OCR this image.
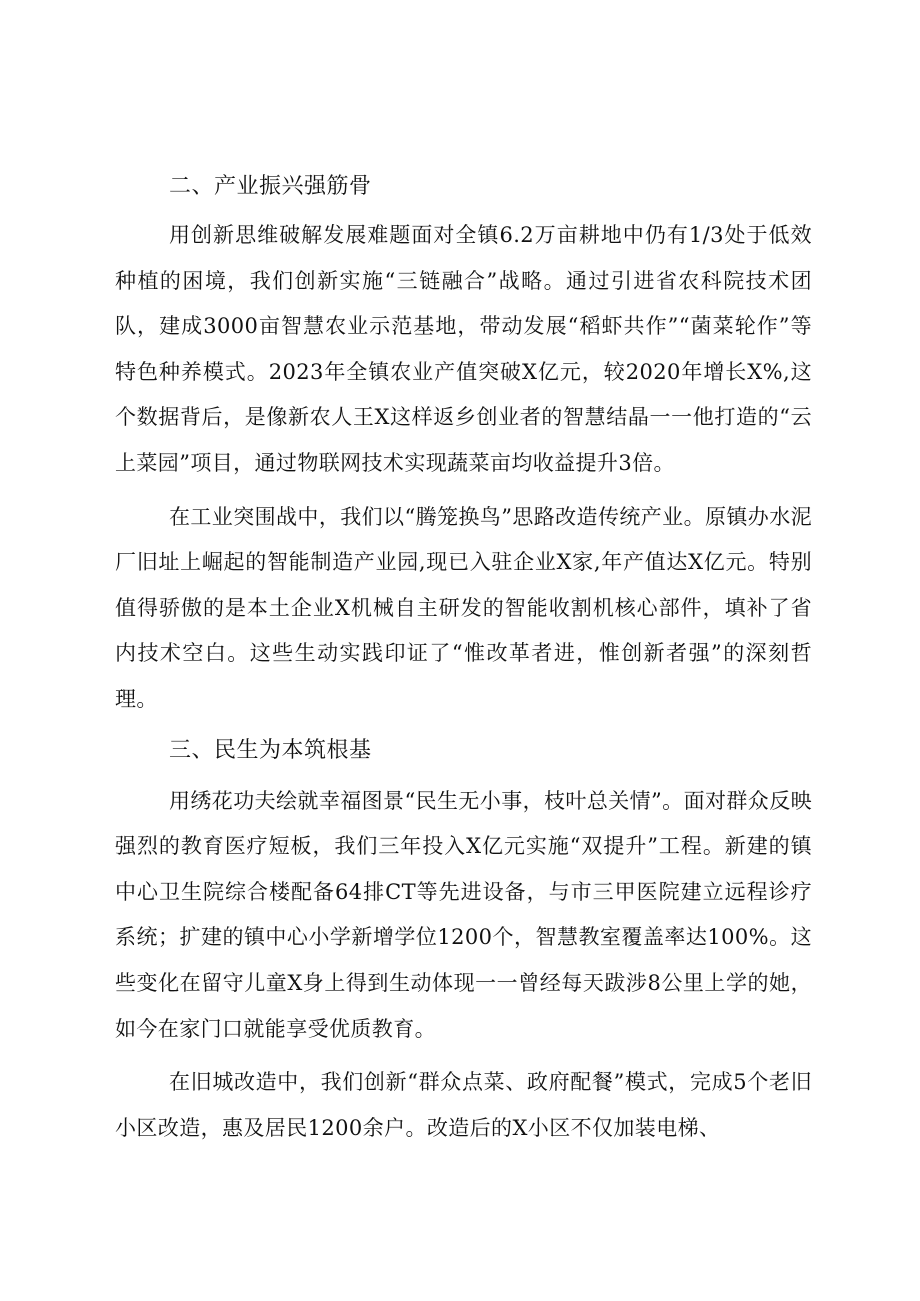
二、产业振兴强筋骨

用创新思维破解发展难题面对全镇6.2万亩耕地中仍有1/3处于低效种植的困境，我们创新实施“三链融合”战略。通过引进省农科院技术团队，建成3000亩智慧农业示范基地，带动发展“稻虾共作”“菌菜轮作”等特色种养模式。2023年全镇农业产值突破X亿元，较2020年增长X%,这个数据背后，是像新农人王X这样返乡创业者的智慧结晶一一他打造的“云上菜园”项目，通过物联网技术实现蔬菜亩均收益提升3倍。

在工业突围战中，我们以“腾笼换鸟”思路改造传统产业。原镇办水泥厂旧址上崛起的智能制造产业园,现已入驻企业X家,年产值达X亿元。特别值得骄傲的是本土企业X机械自主研发的智能收割机核心部件，填补了省内技术空白。这些生动实践印证了“惟改革者进，惟创新者强”的深刻哲理。

三、民生为本筑根基

用绣花功夫绘就幸福图景“民生无小事，枝叶总关情”。面对群众反映强烈的教育医疗短板，我们三年投入X亿元实施“双提升”工程。新建的镇中心卫生院综合楼配备64排CT等先进设备，与市三甲医院建立远程诊疗系统；扩建的镇中心小学新增学位1200个，智慧教室覆盖率达100%。这些变化在留守儿童X身上得到生动体现一一曾经每天跋涉8公里上学的她，如今在家门口就能享受优质教育。

在旧城改造中，我们创新“群众点菜、政府配餐”模式，完成5个老旧小区改造，惠及居民1200余户。改造后的X小区不仅加装电梯、
